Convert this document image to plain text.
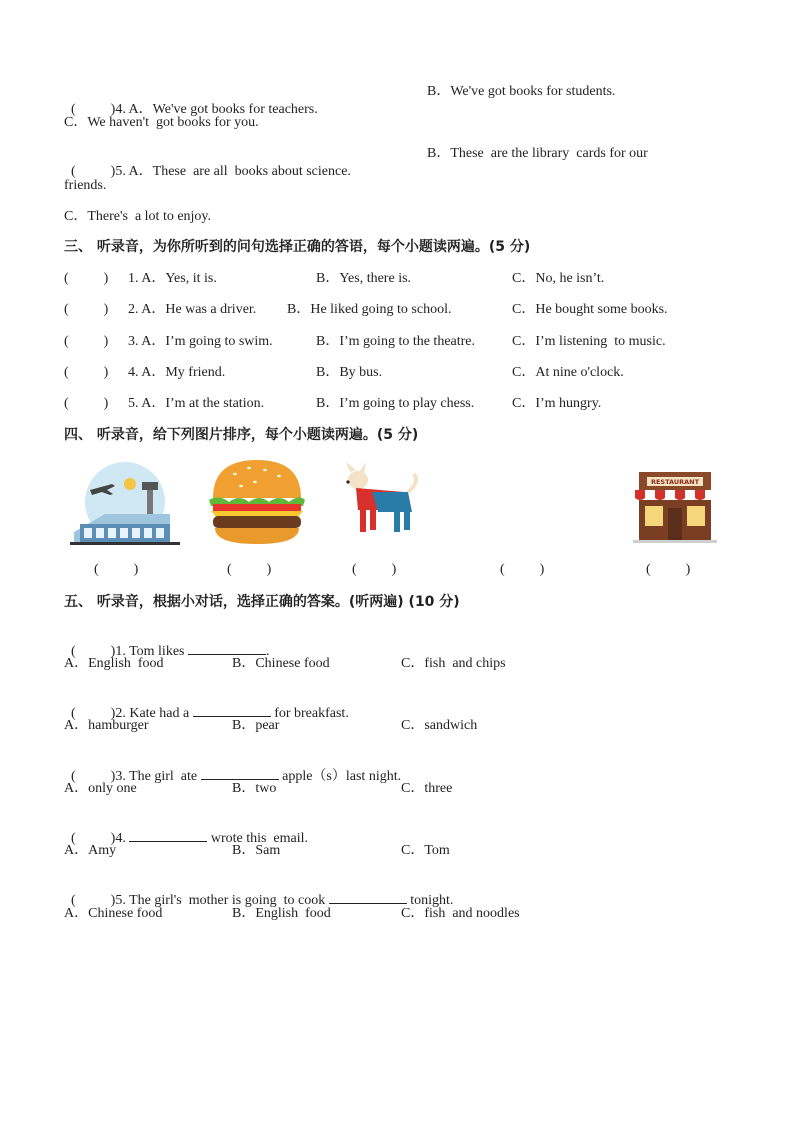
(          )4. A．We've got books for teachers.

B．We've got books for students.
C．We haven't  got books for you.

(          )5. A．These  are all  books about science.

B．These  are the library  cards for our
friends.
C．There's  a lot to enjoy.
三、 听录音，为你所听到的问句选择正确的答语，每个小题读两遍。(5 分)
(          ) 1. A．Yes, it is.	B．Yes, there is.	C．No, he isn’t.
(          ) 2. A．He was a driver. B．He liked going to school.	C．He bought some books.
(          ) 3. A．I’m going to swim.	B．I’m going to the theatre.	C．I’m listening  to music.
(          ) 4. A．My friend.	B．By bus.	C．At nine o'clock.
(          ) 5. A．I’m at the station.	B．I’m going to play chess.	C．I’m hungry.
四、 听录音，给下列图片排序，每个小题读两遍。(5 分)
RESTAURANT
(          )	(          )	(          )	(          )	(          )
五、 听录音，根据小对话，选择正确的答案。(听两遍) (10 分)

(          )1. Tom likes	.

A．English  food	B．Chinese food	C．fish  and chips

(          )2. Kate had a	for breakfast.

A．hamburger	B．pear	C．sandwich

(          )3. The girl  ate	apple（s）last night.

A．only one	B．two	C．three

(          )4.	wrote this  email.

A．Amy	B．Sam	C．Tom

(          )5. The girl's  mother is going  to cook	tonight.

A．Chinese food	B．English  food	C．fish  and noodles
